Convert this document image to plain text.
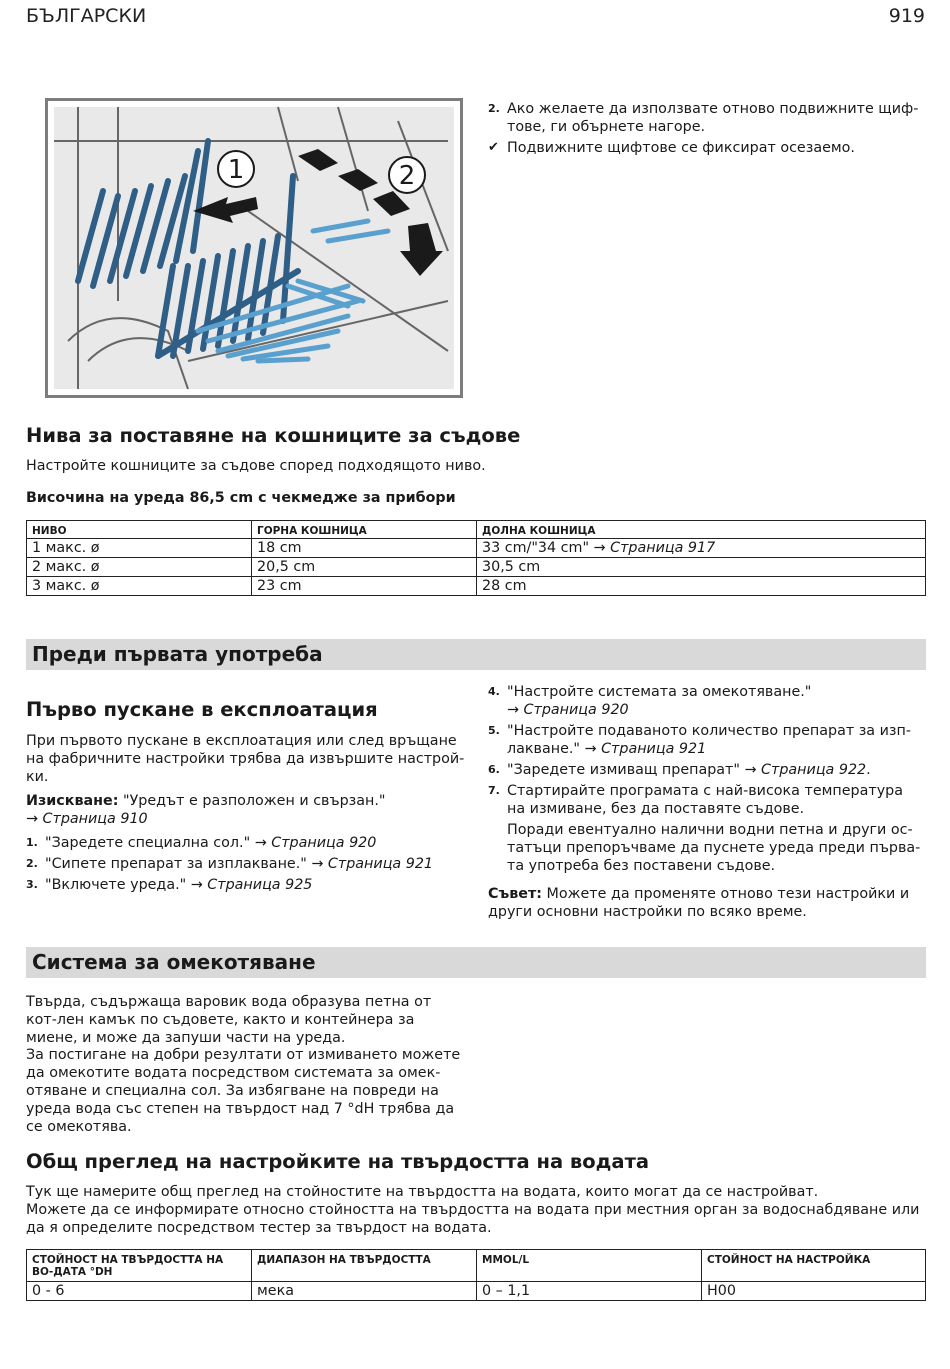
БЪЛГАРСКИ	919
1	2
2. Ако желаете да използвате отново подвижните щиф-тове, ги обърнете нагоре.
✔ Подвижните щифтове се фиксират осезаемо.
Нива за поставяне на кошниците за съдове
Настройте кошниците за съдове според подходящото ниво.
Височина на уреда 86,5 cm с чекмедже за прибори
НИВО	ГОРНА КОШНИЦА	ДОЛНА КОШНИЦА
1 макс. ø	18 cm	33 cm/"34 cm" → Страница 917
2 макс. ø	20,5 cm	30,5 cm
3 макс. ø	23 cm	28 cm
Преди първата употреба
Първо пускане в експлоатация
При първото пускане в експлоатация или след връщане на фабричните настройки трябва да извършите настрой-ки.
Изискване: "Уредът е разположен и свързан."
→ Страница 910
1. "Заредете специална сол." → Страница 920
2. "Сипете препарат за изплакване." → Страница 921
3. "Включете уреда." → Страница 925
4. "Настройте системата за омекотяване."
→ Страница 920
5. "Настройте подаваното количество препарат за изп-лакване." → Страница 921
6. "Заредете измиващ препарат" → Страница 922.
7. Стартирайте програмата с най-висока температура на измиване, без да поставяте съдове.
Поради евентуално налични водни петна и други ос-татъци препоръчваме да пуснете уреда преди първа-та употреба без поставени съдове.
Съвет: Можете да променяте отново тези настройки и други основни настройки по всяко време.
Система за омекотяване
Твърда, съдържаща варовик вода образува петна от кот-лен камък по съдовете, както и контейнера за миене, и може да запуши части на уреда.
За постигане на добри резултати от измиването можете да омекотите водата посредством системата за омек-отяване и специална сол. За избягване на повреди на уреда вода със степен на твърдост над 7 °dH трябва да се омекотява.
Общ преглед на настройките на твърдостта на водата
Тук ще намерите общ преглед на стойностите на твърдостта на водата, които могат да се настройват.
Можете да се информирате относно стойността на твърдостта на водата при местния орган за водоснабдяване или да я определите посредством тестер за твърдост на водата.
СТОЙНОСТ НА ТВЪРДОСТТА НА ВО-ДАТА °DH	ДИАПАЗОН НА ТВЪРДОСТТА	MMOL/L	СТОЙНОСТ НА НАСТРОЙКА
0 - 6	мека	0 – 1,1	H00
